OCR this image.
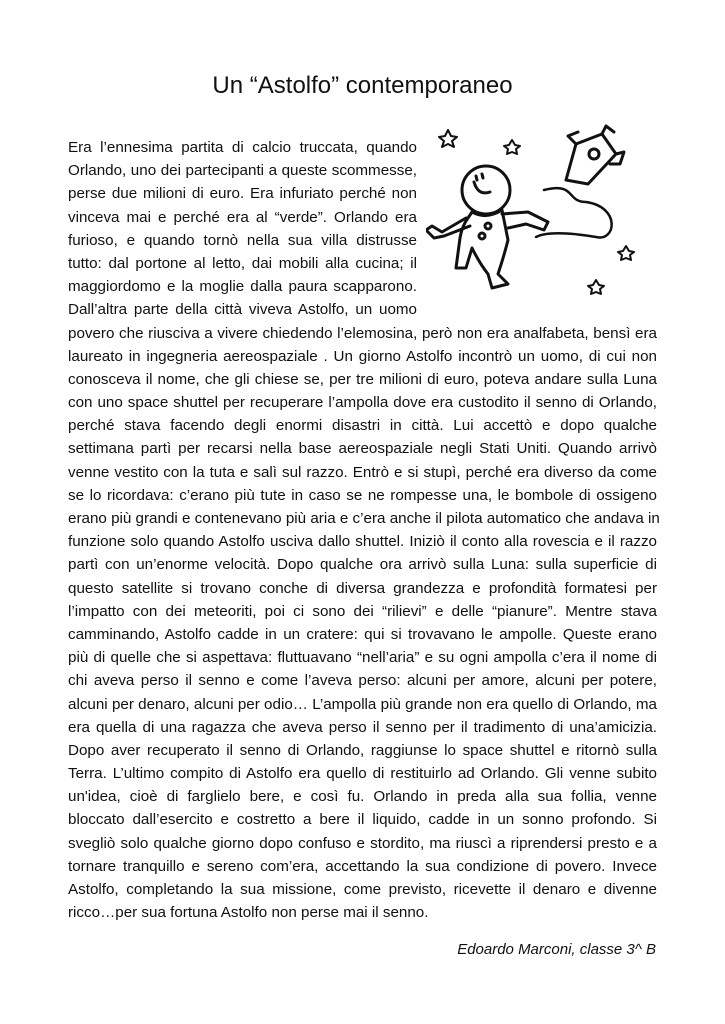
Un “Astolfo” contemporaneo
Era l’ennesima partita di calcio truccata, quando
Orlando, uno dei partecipanti a queste scommesse,
perse due milioni di euro. Era infuriato perché non
vinceva mai e perché era al “verde”. Orlando era
furioso, e quando tornò nella sua villa distrusse
tutto: dal portone al letto, dai mobili alla cucina; il
maggiordomo e la moglie dalla paura scapparono.
Dall’altra parte della città viveva Astolfo, un uomo
povero che riusciva a vivere chiedendo l’elemosina, però non era analfabeta, bensì era
laureato in ingegneria aereospaziale . Un giorno Astolfo incontrò un uomo, di cui non
conosceva il nome, che gli chiese se, per tre milioni di euro, poteva andare sulla Luna
con uno space shuttel per recuperare l’ampolla dove era custodito il senno di Orlando,
perché stava facendo degli enormi disastri in città. Lui accettò e dopo qualche
settimana partì per recarsi nella base aereospaziale negli Stati Uniti. Quando arrivò
venne vestito con la tuta e salì sul razzo. Entrò e si stupì, perché era diverso da come
se lo ricordava: c’erano più tute in caso se ne rompesse una, le bombole di ossigeno
erano più grandi e contenevano più aria e c’era anche il pilota automatico che andava in
funzione solo quando Astolfo usciva dallo shuttel. Iniziò il conto alla rovescia e il razzo
partì con un’enorme velocità. Dopo qualche ora arrivò sulla Luna: sulla superficie di
questo satellite si trovano conche di diversa grandezza e profondità formatesi per
l’impatto con dei meteoriti, poi ci sono dei “rilievi” e delle “pianure”. Mentre stava
camminando, Astolfo cadde in un cratere: qui si trovavano le ampolle. Queste erano
più di quelle che si aspettava: fluttuavano “nell’aria” e su ogni ampolla c’era il nome di
chi aveva perso il senno e come l’aveva perso: alcuni per amore, alcuni per potere,
alcuni per denaro, alcuni per odio… L’ampolla più grande non era quello di Orlando, ma
era quella di una ragazza che aveva perso il senno per il tradimento di una’amicizia.
Dopo aver recuperato il senno di Orlando, raggiunse lo space shuttel e ritornò sulla
Terra. L’ultimo compito di Astolfo era quello di restituirlo ad Orlando. Gli venne subito
un'idea, cioè di farglielo bere, e così fu. Orlando in preda alla sua follia, venne
bloccato dall’esercito e costretto a bere il liquido, cadde in un sonno profondo. Si
svegliò solo qualche giorno dopo confuso e stordito, ma riuscì a riprendersi presto e a
tornare tranquillo e sereno com’era, accettando la sua condizione di povero. Invece
Astolfo, completando la sua missione, come previsto, ricevette il denaro e divenne
ricco…per sua fortuna Astolfo non perse mai il senno.
Edoardo Marconi, classe 3^ B
